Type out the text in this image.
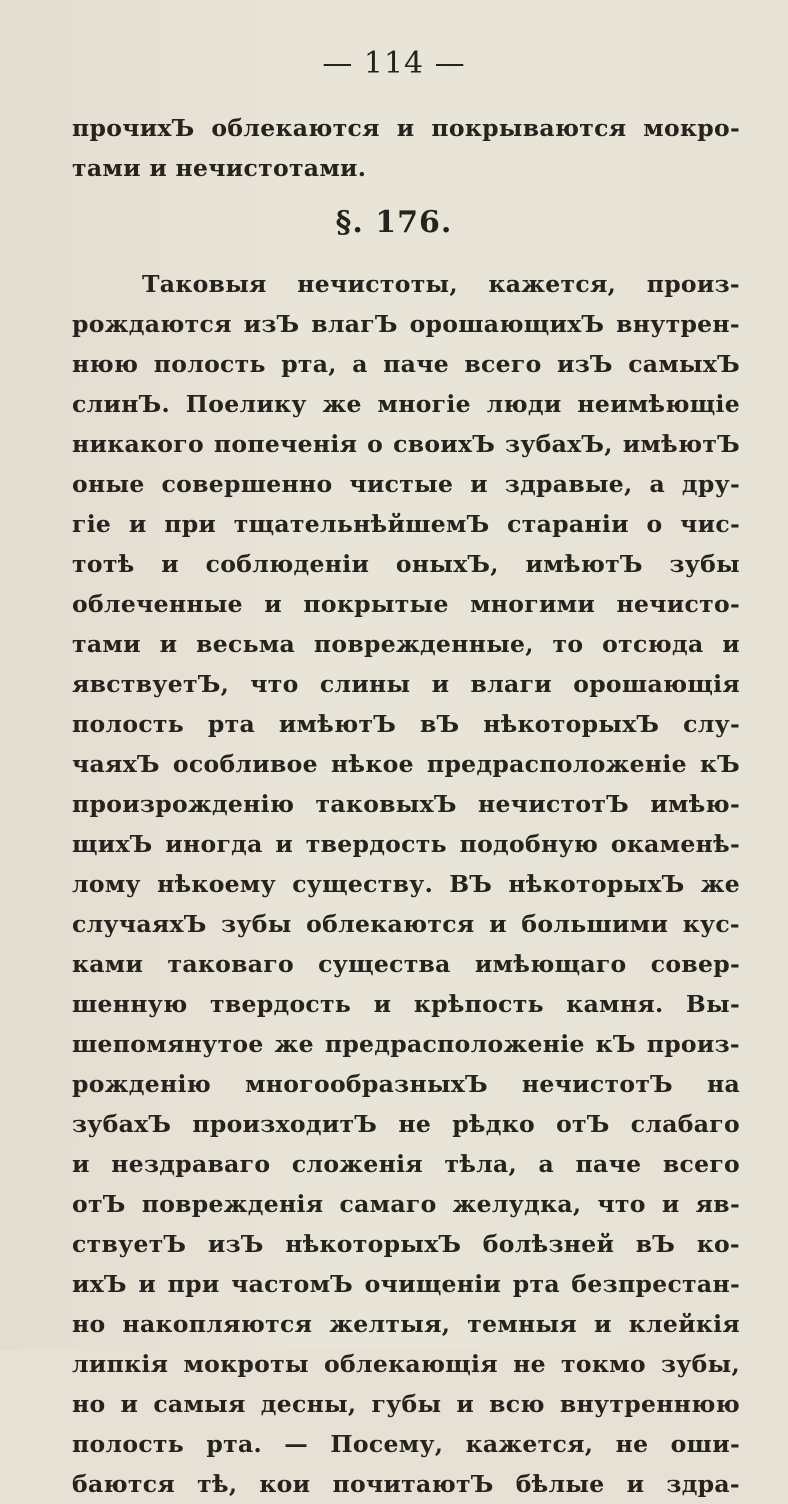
— 114 —
прочихЪ облекаются и покрываются мокро-
тами и нечистотами.
§. 176.
Таковыя нечистоты, кажется, произ-
рождаются изЪ влагЪ орошающихЪ внутрен-
нюю полость рта, а паче всего изЪ самыхЪ
слинЪ. Поелику же многіе люди неимѣющіе
никакого попеченія о своихЪ зубахЪ, имѣютЪ
оные совершенно чистые и здравые, а дру-
гіе и при тщательнѣйшемЪ стараніи о чис-
тотѣ и соблюденіи оныхЪ, имѣютЪ зубы
облеченные и покрытые многими нечисто-
тами и весьма поврежденные, то отсюда и
явствуетЪ, что слины и влаги орошающія
полость рта имѣютЪ вЪ нѣкоторыхЪ слу-
чаяхЪ особливое нѣкое предрасположеніе кЪ
произрожденію таковыхЪ нечистотЪ имѣю-
щихЪ иногда и твердость подобную окаменѣ-
лому нѣкоему существу. ВЪ нѣкоторыхЪ же
случаяхЪ зубы облекаются и большими кус-
ками таковаго существа имѣющаго совер-
шенную твердость и крѣпость камня. Вы-
шепомянутое же предрасположеніе кЪ произ-
рожденію многообразныхЪ нечистотЪ на
зубахЪ произходитЪ не рѣдко отЪ слабаго
и нездраваго сложенія тѣла, а паче всего
отЪ поврежденія самаго желудка, что и яв-
ствуетЪ изЪ нѣкоторыхЪ болѣзней вЪ ко-
ихЪ и при частомЪ очищеніи рта безпрестан-
но накопляются желтыя, темныя и клейкія
липкія мокроты облекающія не токмо зубы,
но и самыя десны, губы и всю внутреннюю
полость рта. — Посему, кажется, не оши-
баются тѣ, кои почитаютЪ бѣлые и здра-
